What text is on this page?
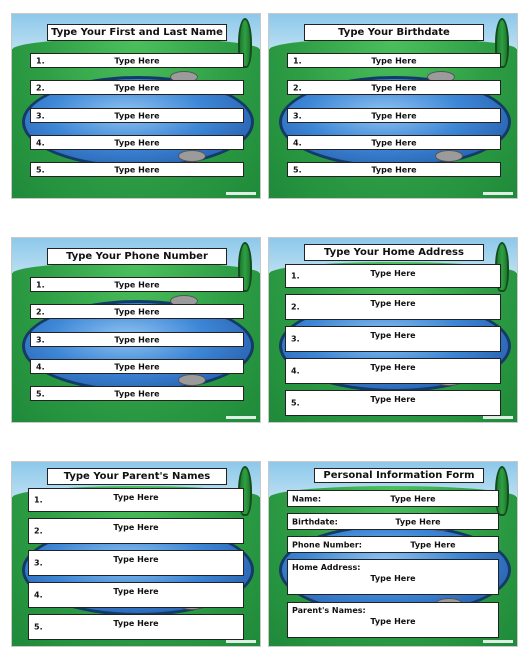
Type Your First and Last Name
1.	Type Here
2.	Type Here
3.	Type Here
4.	Type Here
5.	Type Here
Type Your Birthdate
1.	Type Here
2.	Type Here
3.	Type Here
4.	Type Here
5.	Type Here
Type Your Phone Number
1.	Type Here
2.	Type Here
3.	Type Here
4.	Type Here
5.	Type Here
Type Your Home Address
1.	Type Here
2.	Type Here
3.	Type Here
4.	Type Here
5.	Type Here
Type Your Parent's Names
1.	Type Here
2.	Type Here
3.	Type Here
4.	Type Here
5.	Type Here
Personal Information Form
Name:	Type Here
Birthdate:	Type Here
Phone Number:	Type Here
Home Address:
Type Here
Parent's Names:
Type Here
